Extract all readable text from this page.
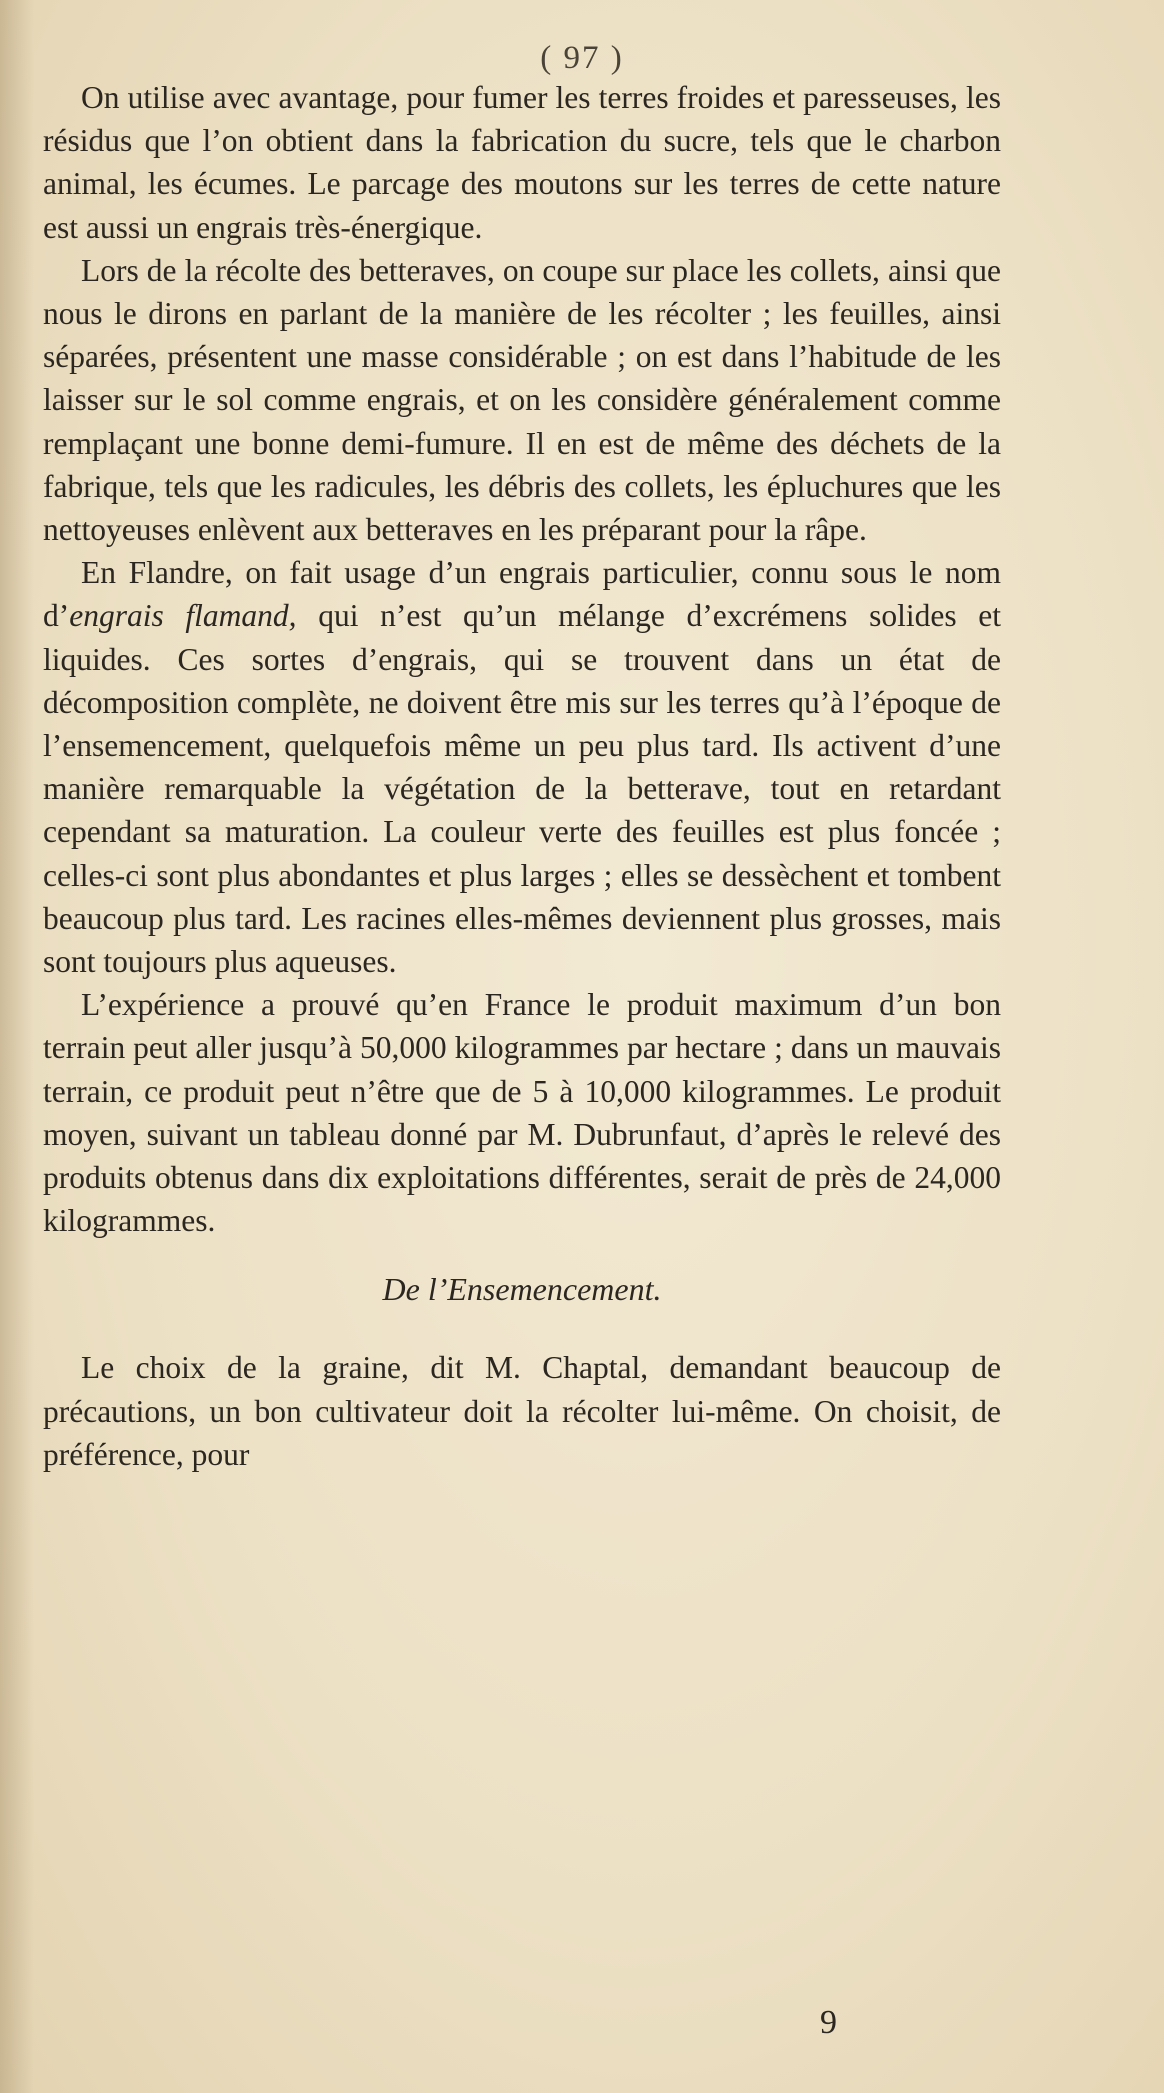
( 97 )

On utilise avec avantage, pour fumer les terres froides et paresseuses, les résidus que l’on obtient dans la fabrication du sucre, tels que le charbon animal, les écumes. Le parcage des moutons sur les terres de cette nature est aussi un engrais très-énergique.

Lors de la récolte des betteraves, on coupe sur place les collets, ainsi que nous le dirons en parlant de la manière de les récolter ; les feuilles, ainsi séparées, présentent une masse considérable ; on est dans l’habitude de les laisser sur le sol comme engrais, et on les considère généralement comme remplaçant une bonne demi-fumure. Il en est de même des déchets de la fabrique, tels que les radicules, les débris des collets, les épluchures que les nettoyeuses enlèvent aux betteraves en les préparant pour la râpe.

En Flandre, on fait usage d’un engrais particulier, connu sous le nom d’engrais flamand, qui n’est qu’un mélange d’excrémens solides et liquides. Ces sortes d’engrais, qui se trouvent dans un état de décomposition complète, ne doivent être mis sur les terres qu’à l’époque de l’ensemencement, quelquefois même un peu plus tard. Ils activent d’une manière remarquable la végétation de la betterave, tout en retardant cependant sa maturation. La couleur verte des feuilles est plus foncée ; celles-ci sont plus abondantes et plus larges ; elles se dessèchent et tombent beaucoup plus tard. Les racines elles-mêmes deviennent plus grosses, mais sont toujours plus aqueuses.

L’expérience a prouvé qu’en France le produit maximum d’un bon terrain peut aller jusqu’à 50,000 kilogrammes par hectare ; dans un mauvais terrain, ce produit peut n’être que de 5 à 10,000 kilogrammes. Le produit moyen, suivant un tableau donné par M. Dubrunfaut, d’après le relevé des produits obtenus dans dix exploitations différentes, serait de près de 24,000 kilogrammes.

De l’Ensemencement.

Le choix de la graine, dit M. Chaptal, demandant beaucoup de précautions, un bon cultivateur doit la récolter lui-même. On choisit, de préférence, pour

9
